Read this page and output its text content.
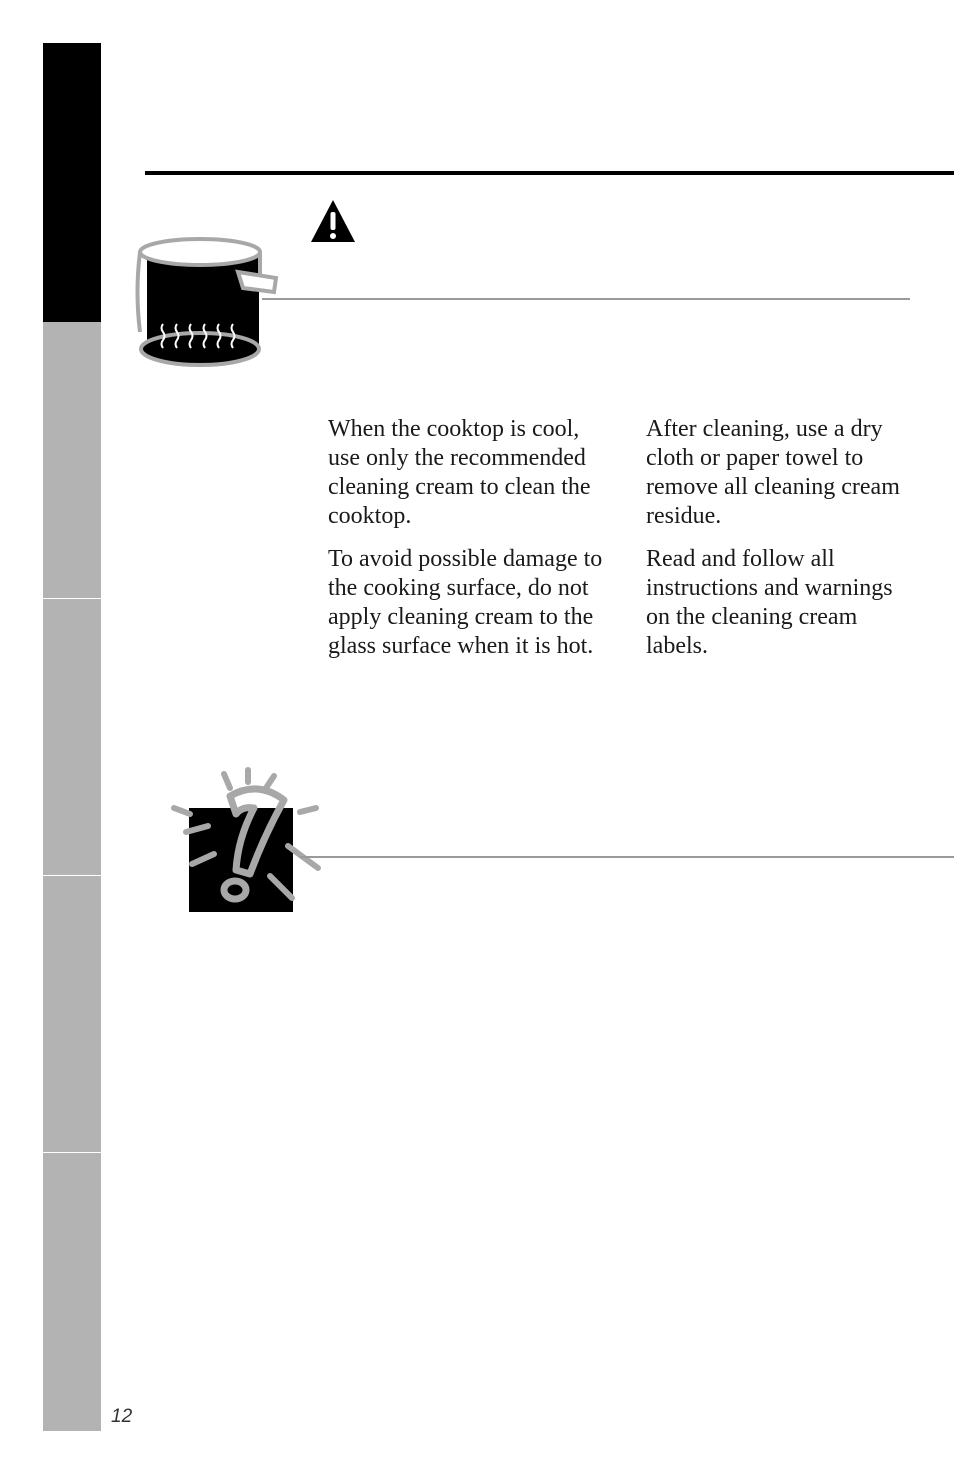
When the cooktop is cool, use only the recommended cleaning cream to clean the cooktop.

To avoid possible damage to the cooking surface, do not apply cleaning cream to the glass surface when it is hot.

After cleaning, use a dry cloth or paper towel to remove all cleaning cream residue.

Read and follow all instructions and warnings on the cleaning cream labels.

12
